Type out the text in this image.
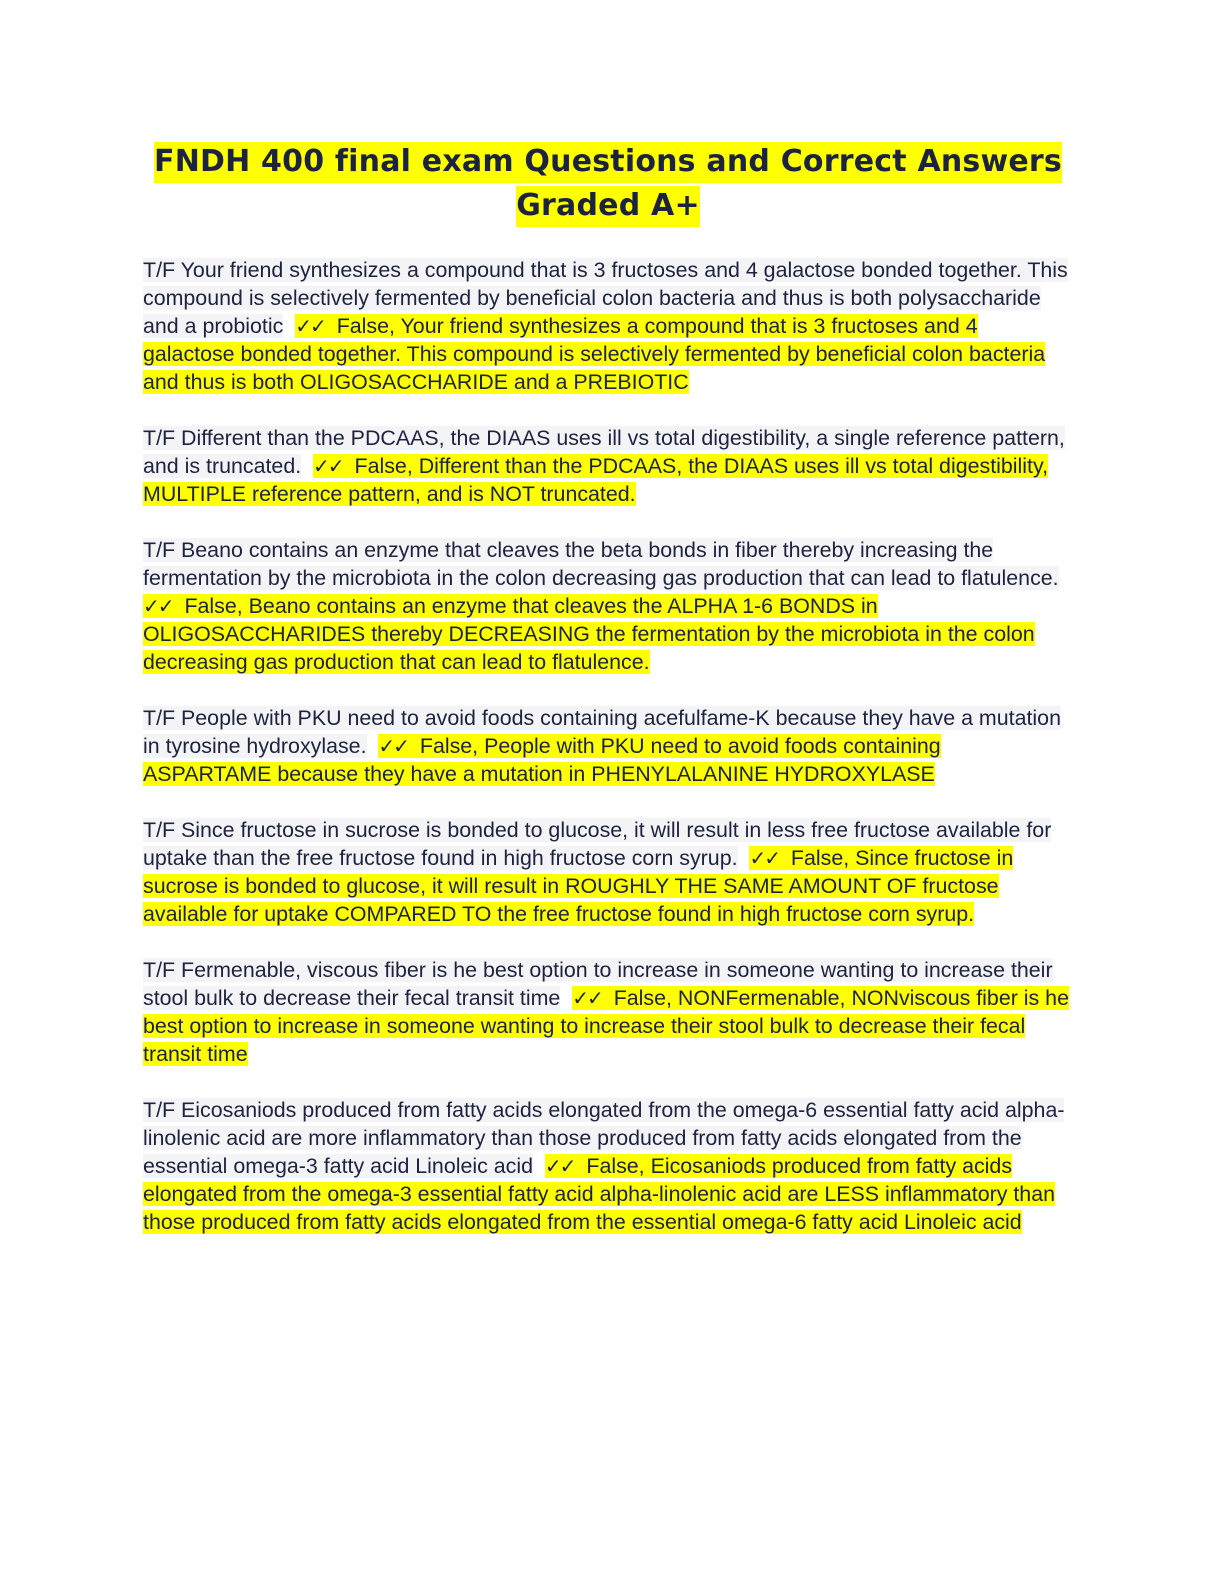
FNDH 400 final exam Questions and Correct Answers
Graded A+

T/F Your friend synthesizes a compound that is 3 fructoses and 4 galactose bonded together. This compound is selectively fermented by beneficial colon bacteria and thus is both polysaccharide and a probiotic ✓✓ False, Your friend synthesizes a compound that is 3 fructoses and 4 galactose bonded together. This compound is selectively fermented by beneficial colon bacteria and thus is both OLIGOSACCHARIDE and a PREBIOTIC

T/F Different than the PDCAAS, the DIAAS uses ill vs total digestibility, a single reference pattern, and is truncated. ✓✓ False, Different than the PDCAAS, the DIAAS uses ill vs total digestibility, MULTIPLE reference pattern, and is NOT truncated.

T/F Beano contains an enzyme that cleaves the beta bonds in fiber thereby increasing the fermentation by the microbiota in the colon decreasing gas production that can lead to flatulence.  ✓✓ False, Beano contains an enzyme that cleaves the ALPHA 1-6 BONDS in OLIGOSACCHARIDES thereby DECREASING the fermentation by the microbiota in the colon decreasing gas production that can lead to flatulence.

T/F People with PKU need to avoid foods containing acefulfame-K because they have a mutation in tyrosine hydroxylase. ✓✓ False, People with PKU need to avoid foods containing ASPARTAME because they have a mutation in PHENYLALANINE HYDROXYLASE

T/F Since fructose in sucrose is bonded to glucose, it will result in less free fructose available for uptake than the free fructose found in high fructose corn syrup. ✓✓ False, Since fructose in sucrose is bonded to glucose, it will result in ROUGHLY THE SAME AMOUNT OF fructose available for uptake COMPARED TO the free fructose found in high fructose corn syrup.

T/F Fermenable, viscous fiber is he best option to increase in someone wanting to increase their stool bulk to decrease their fecal transit time ✓✓ False, NONFermenable, NONviscous fiber is he best option to increase in someone wanting to increase their stool bulk to decrease their fecal transit time

T/F Eicosaniods produced from fatty acids elongated from the omega-6 essential fatty acid alpha-linolenic acid are more inflammatory than those produced from fatty acids elongated from the essential omega-3 fatty acid Linoleic acid ✓✓ False, Eicosaniods produced from fatty acids elongated from the omega-3 essential fatty acid alpha-linolenic acid are LESS inflammatory than those produced from fatty acids elongated from the essential omega-6 fatty acid Linoleic acid
